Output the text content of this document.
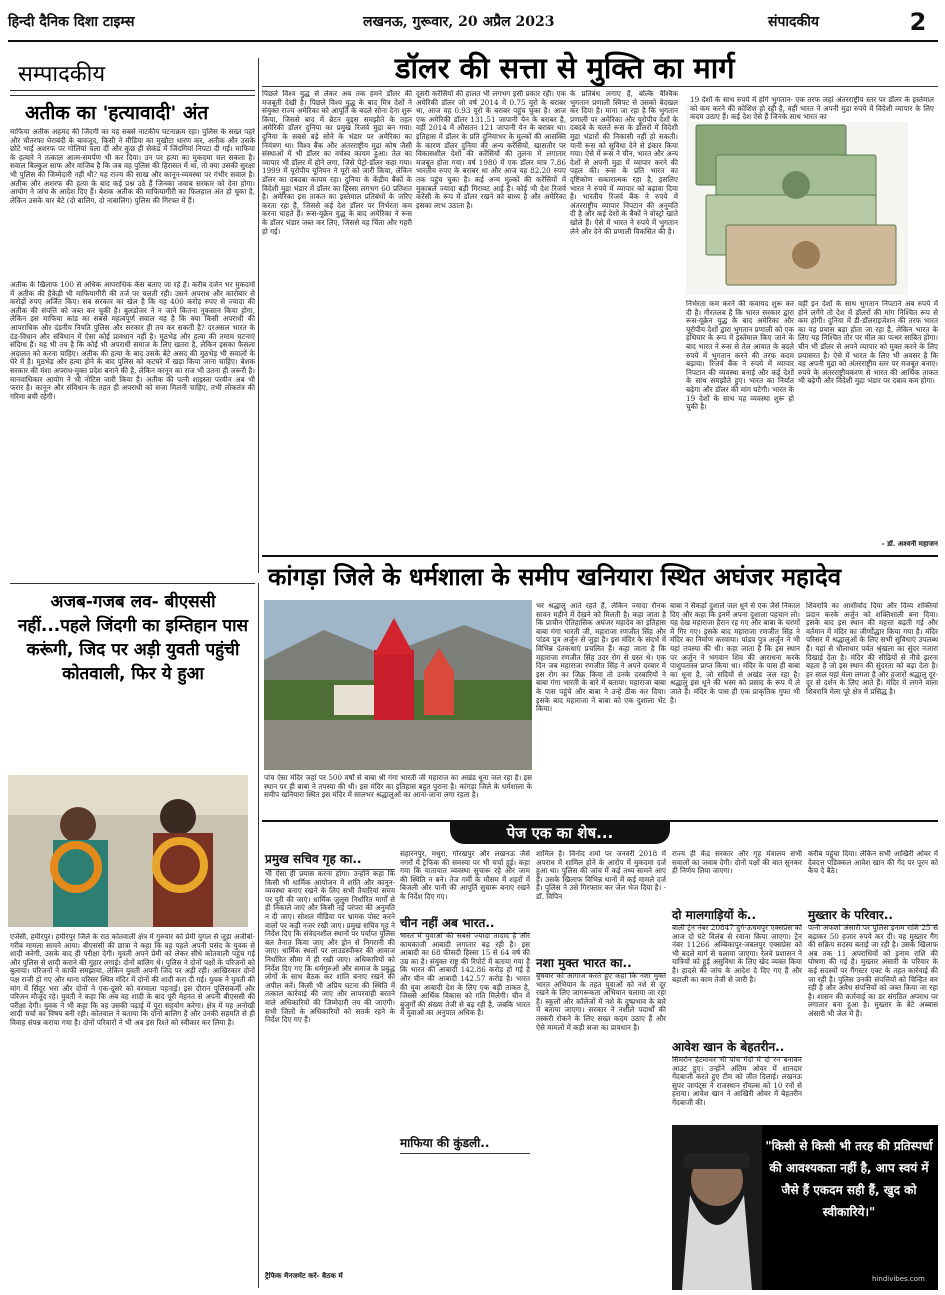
हिन्दी दैनिक दिशा टाइम्स	लखनऊ, गुरूवार, 20 अप्रैल 2023	संपादकीय	2
सम्पादकीय
अतीक का 'हत्यावादी' अंत
माफिया अतीक अहमद की जिंदगी का यह सबसे नाटकीय घटनाक्रम रहा। पुलिस के सख्त पहरे और चौतरफा घेराबंदी के बावजूद, किसी ने मीडिया का मुखौटा धारण कर, अतीक और उसके छोटे भाई अशरफ पर गोलियां चला दीं और कुछ ही सेकंड में जिंदगियां निपटा दी गईं। माफिया के हत्यारे ने तत्काल आत्म-समर्पण भी कर दिया। उन पर हत्या का मुकदमा चल सकता है। सवाल बिल्कुल साफ और वाजिब है कि जब वह पुलिस की हिरासत में था, तो क्या उसकी सुरक्षा भी पुलिस की जिम्मेदारी नहीं थी? यह राज्य की साख और कानून-व्यवस्था पर गंभीर सवाल है। अतीक और अशरफ की हत्या के बाद कई प्रश्न उठे हैं जिनका जवाब सरकार को देना होगा। आयोग ने जांच के आदेश दिए हैं। बेशक अतीक की माफियागीरी का फिलहाल अंत हो चुका है, लेकिन उसके चार बेटे (दो बालिग, दो नाबालिग) पुलिस की गिरफ्त में हैं।
अतीक के खिलाफ 100 से अधिक आपराधिक केस बताए जा रहे हैं। करीब दर्जन भर मुकदमों में अतीक की हैकेड़ी भी माफियागीरी की तर्ज पर चलती रही। उसने अपराध और कारोबार से करोड़ों रुपए अर्जित किए। सब सरकार का खेल है कि यह 400 करोड़ रुपए से ज्यादा की अतीक की संपत्ति को जब्त कर चुकी है। बुलडोजर ने न जाने कितना नुकसान किया होगा, लेकिन इस माफिया कांड का सबसे महत्वपूर्ण सवाल यह है कि क्या किसी अपराधी की आपराधिक और दंडनीय नियति पुलिस और सरकार ही तय कर सकती है? दरअसल भारत के दंड-विधान और संविधान में ऐसा कोई प्रावधान नहीं है। मुठभेड़ और हत्या की तमाम घटनाएं संदिग्ध हैं। यह भी तय है कि कोई भी अपराधी समाज के लिए खतरा है, लेकिन इसका फैसला अदालत को करना चाहिए। अतीक की हत्या के बाद उसके बेटे असद की मुठभेड़ भी सवालों के घेरे में है। मुठभेड़ और हत्या होने के बाद पुलिस को कटघरे में खड़ा किया जाना चाहिए। बेशक सरकार की मंशा अपराध-मुक्त प्रदेश बनाने की है, लेकिन कानून का राज भी उतना ही जरूरी है। मानवाधिकार आयोग ने भी नोटिस जारी किया है। अतीक की पत्नी शाइस्ता परवीन अब भी फरार है। कानून और संविधान के तहत ही अपराधी को सजा मिलनी चाहिए, तभी लोकतंत्र की गरिमा बची रहेगी।
अजब-गजब लव- बीएससी नहीं...पहले जिंदगी का इम्तिहान पास करूंगी, जिद पर अड़ी युवती पहुंची कोतवाली, फिर ये हुआ
एजेंसी, हमीरपुर। हमीरपुर जिले के राठ कोतवाली क्षेत्र में गुरुवार को प्रेमी युगल से जुड़ा अजीबो-गरीब मामला सामने आया। बीएससी की छात्रा ने कहा कि वह पहले अपनी पसंद के युवक से शादी करेगी, उसके बाद ही परीक्षा देगी। युवती अपने प्रेमी को लेकर सीधे कोतवाली पहुंच गई और पुलिस से शादी कराने की गुहार लगाई। दोनों बालिग थे। पुलिस ने दोनों पक्षों के परिजनों को बुलाया। परिजनों ने काफी समझाया, लेकिन युवती अपनी जिद पर अड़ी रही। आखिरकार दोनों पक्ष राजी हो गए और थाना परिसर स्थित मंदिर में दोनों की शादी करा दी गई। युवक ने युवती की मांग में सिंदूर भरा और दोनों ने एक-दूसरे को वरमाला पहनाई। इस दौरान पुलिसकर्मी और परिजन मौजूद रहे। युवती ने कहा कि अब वह शादी के बाद पूरी मेहनत से अपनी बीएससी की परीक्षा देगी। युवक ने भी कहा कि वह उसकी पढ़ाई में पूरा सहयोग करेगा। क्षेत्र में यह अनोखी शादी चर्चा का विषय बनी रही। कोतवाल ने बताया कि दोनों बालिग हैं और उनकी सहमति से ही विवाह संपन्न कराया गया है। दोनों परिवारों ने भी अब इस रिश्ते को स्वीकार कर लिया है।
डॉलर की सत्ता से मुक्ति का मार्ग
पिछले विश्व युद्ध से लेकर अब तक हमने डॉलर की मजबूती देखी है। पिछले विश्व युद्ध के बाद मित्र देशों ने संयुक्त राज्य अमेरिका को आपूर्ति के बदले सोना देना शुरू किया, जिससे बाद में ब्रेटन वुड्स समझौते के तहत अमेरिकी डॉलर दुनिया का प्रमुख रिजर्व मुद्रा बन गया। दुनिया के सबसे बड़े सोने के भंडार पर अमेरिका का नियंत्रण था। विश्व बैंक और अंतरराष्ट्रीय मुद्रा कोष जैसी संस्थाओं में भी डॉलर का वर्चस्व कायम हुआ। तेल का व्यापार भी डॉलर में होने लगा, जिसे पेट्रो-डॉलर कहा गया। 1999 में यूरोपीय यूनियन ने यूरो को जारी किया, लेकिन डॉलर का दबदबा कायम रहा। दुनिया के केंद्रीय बैंकों के विदेशी मुद्रा भंडार में डॉलर का हिस्सा लगभग 60 प्रतिशत है। अमेरिका इस ताकत का इस्तेमाल प्रतिबंधों के जरिए करता रहा है, जिससे कई देश डॉलर पर निर्भरता कम करना चाहते हैं। रूस-यूक्रेन युद्ध के बाद अमेरिका ने रूस के डॉलर भंडार जब्त कर लिए, जिससे यह चिंता और गहरी हो गई।
दूसरी करेंसियों की हालत भी लगभग इसी प्रकार रही। एक अमेरिकी डॉलर जो वर्ष 2014 में 0.75 यूरो के बराबर था, आज वह 0.93 यूरो के बराबर पहुंच चुका है। आज एक अमेरिकी डॉलर 131.51 जापानी येन के बराबर है, वहीं 2014 में औसतन 121 जापानी येन के बराबर था। इतिहास में डॉलर के प्रति दुनियाभर के मुल्कों की आसक्ति के कारण डॉलर दुनिया की अन्य करेंसियों, खासतौर पर विकासशील देशों की करेंसियों की तुलना में लगातार मजबूत होता गया। वर्ष 1980 में एक डॉलर मात्र 7.86 भारतीय रुपए के बराबर था और आज वह 82.20 रुपए तक पहुंच चुका है। कई अन्य मुल्कों की करेंसियों में मुकाबले ज्यादा बड़ी गिरावट आई है। कोई भी देश रिजर्व करेंसी के रूप में डॉलर रखने को बाध्य है और अमेरिका इसका लाभ उठाता है।
के प्रतिबंध लगाए हैं, बल्कि वैश्विक भुगतान प्रणाली स्विफ्ट से उसको बेदखल कर दिया है। माना जा रहा है कि भुगतान प्रणाली पर अमेरिका और यूरोपीय देशों के दबदबे के चलते रूस के डॉलरों में विदेशी मुद्रा भंडारों की निकासी नहीं हो सकती। यानी रूस को सुविधा देने से इंकार किया गया। ऐसे में रूस ने चीन, भारत और अन्य देशों से अपनी मुद्रा में व्यापार करने की पहल की। रूस के प्रति भारत का दृष्टिकोण सकारात्मक रहा है, इसलिए भारत ने रुपये में व्यापार को बढ़ावा दिया है। भारतीय रिजर्व बैंक ने रुपये में अंतरराष्ट्रीय व्यापार निपटान की अनुमति दी है और कई देशों के बैंकों ने वोस्ट्रो खाते खोले हैं। ऐसे में भारत ने रुपये में भुगतान लेने और देने की प्रणाली विकसित की है।
19 देशों के साथ रुपये में होंगे भुगतान- एक तरफ जहां अंतरराष्ट्रीय स्तर पर डॉलर के इस्तेमाल को कम करने की कोशिश हो रही है, वहीं भारत ने अपनी मुद्रा रुपये में विदेशी व्यापार के लिए कदम उठाए हैं। कई देश ऐसे हैं जिनके साथ भारत का
निर्भरता कम करने की कवायद शुरू कर दी है। गौरतलब है कि भारत सरकार द्वारा रूस-यूक्रेन युद्ध के बाद अमेरिका और यूरोपीय देशों द्वारा भुगतान प्रणाली को एक हथियार के रूप में इस्तेमाल किए जाने के बाद भारत ने रूस से तेल आयात के बदले रुपये में भुगतान करने की तरफ कदम बढ़ाया। रिजर्व बैंक ने रुपये में व्यापार निपटान की व्यवस्था बनाई और कई देशों के साथ समझौते हुए। भारत का निर्यात बढ़ेगा और डॉलर की मांग घटेगी। भारत के 19 देशों के साथ यह व्यवस्था शुरू हो चुकी है।
वहीं इन देशों के साथ भुगतान निपटाने अब रुपये में होने लगेंगे तो देश में डॉलरों की मांग निश्चित रूप से कम होगी। दुनिया में डी-डॉलराइजेशन की तरफ भारत का यह प्रयास बड़ा होता जा रहा है, लेकिन भारत के लिए यह निश्चित तौर पर मील का पत्थर साबित होगा। चीन भी डॉलर से अपने व्यापार को मुक्त करने के लिए प्रयासरत है। ऐसे में भारत के लिए भी अवसर है कि वह अपनी मुद्रा को अंतरराष्ट्रीय स्तर पर मजबूत बनाए। रुपये के अंतरराष्ट्रीयकरण से भारत की आर्थिक ताकत भी बढ़ेगी और विदेशी मुद्रा भंडार पर दबाव कम होगा।
- डॉ. अश्वनी महाजन
कांगड़ा जिले के धर्मशाला के समीप खनियारा स्थित अघंजर महादेव
पांच ऐसा मंदिर जहां पर 500 वर्षों से बाबा श्री गंगा भारती जी महाराज का अखंड धूना जल रहा है। इस स्थान पर ही बाबा ने तपस्या की थी। इस मंदिर का इतिहास बहुत पुराना है। कांगड़ा जिले के धर्मशाला के समीप खनियारा स्थित इस मंदिर में सालभर श्रद्धालुओं का आना-जाना लगा रहता है।
भर श्रद्धालु आते रहते हैं, लेकिन ज्यादा रौनक सावन महीने में देखने को मिलती है। कहा जाता है कि प्राचीन ऐतिहासिक अघंजर महादेव का इतिहास बाबा गंगा भारती जी, महाराजा रणजीत सिंह और पांडव पुत्र अर्जुन से जुड़ा है। इस मंदिर के संदर्भ में विभिन्न दंतकथाएं प्रचलित हैं। कहा जाता है कि महाराजा रणजीत सिंह उदर रोग से ग्रस्त थे। एक दिन जब महाराजा रणजीत सिंह ने अपने दरबार में इस रोग का जिक्र किया तो उनके दरबारियों ने बाबा गंगा भारती के बारे में बताया। महाराजा बाबा के पास पहुंचे और बाबा ने उन्हें ठीक कर दिया। इसके बाद महाराजा ने बाबा को एक दुशाला भेंट किया।
बाबा ने सैकड़ों दुशाले जल धूने से एक जैसे निकाल दिए और कहा कि इनमें अपना दुशाला पहचान लो। यह देख महाराजा हैरान रह गए और बाबा के चरणों में गिर गए। इसके बाद महाराजा रणजीत सिंह ने मंदिर का निर्माण करवाया। पांडव पुत्र अर्जुन ने भी यहां तपस्या की थी। कहा जाता है कि इस स्थान पर अर्जुन ने भगवान शिव की आराधना करके पाशुपतास्त्र प्राप्त किया था। मंदिर के पास ही बाबा का धूना है, जो सदियों से अखंड जल रहा है। श्रद्धालु इस धूने की भस्म को प्रसाद के रूप में ले जाते हैं। मंदिर के पास ही एक प्राकृतिक गुफा भी है।
शिवरात्रि का आशीर्वाद दिया और दिव्य शक्तियां प्रदान करके अर्जुन को शक्तिशाली बना दिया। इसके बाद इस स्थान की महत्ता बढ़ती गई और वर्तमान में मंदिर का जीर्णोद्धार किया गया है। मंदिर परिसर में श्रद्धालुओं के लिए सभी सुविधाएं उपलब्ध हैं। यहां से धौलाधार पर्वत श्रृंखला का सुंदर नजारा दिखाई देता है। मंदिर की सीढ़ियों से नीचे झरना बहता है जो इस स्थान की सुंदरता को बढ़ा देता है। हर साल यहां मेला लगता है और हजारों श्रद्धालु दूर-दूर से दर्शन के लिए आते हैं। मंदिर में लगने वाला शिवरात्रि मेला पूरे क्षेत्र में प्रसिद्ध है।
पेज एक का शेष...
प्रमुख सचिव गृह का..
भी ऐसा ही प्रयास करना होगा। उन्होंने कहा कि किसी भी धार्मिक आयोजन में शांति और कानून-व्यवस्था बनाए रखने के लिए सभी तैयारियां समय पर पूरी की जाएं। धार्मिक जुलूस निर्धारित मार्गों से ही निकाले जाएं और किसी नई परंपरा की अनुमति न दी जाए। सोशल मीडिया पर भ्रामक पोस्ट करने वालों पर कड़ी नजर रखी जाए। प्रमुख सचिव गृह ने निर्देश दिए कि संवेदनशील स्थानों पर पर्याप्त पुलिस बल तैनात किया जाए और ड्रोन से निगरानी की जाए। धार्मिक स्थलों पर लाउडस्पीकर की आवाज निर्धारित सीमा में ही रखी जाए। अधिकारियों को निर्देश दिए गए कि धर्मगुरुओं और समाज के प्रबुद्ध लोगों के साथ बैठक कर शांति बनाए रखने की अपील करें। किसी भी अप्रिय घटना की स्थिति में तत्काल कार्रवाई की जाए और लापरवाही बरतने वाले अधिकारियों की जिम्मेदारी तय की जाएगी। सभी जिलों के अधिकारियों को सतर्क रहने के निर्देश दिए गए हैं।
ट्रैफिक मैनजमेंट करें- बैठक में
सहारनपुर, मथुरा, गोरखपुर और लखनऊ जैसे नगरों में ट्रैफिक की समस्या पर भी चर्चा हुई। कहा गया कि यातायात व्यवस्था सुचारू रहे और जाम की स्थिति न बने। तेज गर्मी के मौसम में शहरों में बिजली और पानी की आपूर्ति सुचारू बनाए रखने के निर्देश दिए गए।
चीन नहीं अब भारत..
भारत में युवाओं की सबसे ज्यादा तादाद है और कामकाजी आबादी लगातार बढ़ रही है। इस आबादी का 68 फीसदी हिस्सा 15 से 64 वर्ष की उम्र का है। संयुक्त राष्ट्र की रिपोर्ट में बताया गया है कि भारत की आबादी 142.86 करोड़ हो गई है और चीन की आबादी 142.57 करोड़ है। भारत की युवा आबादी देश के लिए एक बड़ी ताकत है, जिससे आर्थिक विकास को गति मिलेगी। चीन में बुजुर्गों की संख्या तेजी से बढ़ रही है, जबकि भारत में युवाओं का अनुपात अधिक है।
माफिया की कुंडली..
शामिल है। विनोद शर्मा पर जनवरी 2018 में अपराध में शामिल होने के आरोप में मुकदमा दर्ज हुआ था। पुलिस की जांच में कई तथ्य सामने आए हैं। उसके खिलाफ विभिन्न थानों में कई मामले दर्ज हैं। पुलिस ने उसे गिरफ्तार कर जेल भेज दिया है। - डॉ. विपिन
नशा मुक्त भारत का..
बुधवार को आगाज करते हुए कहा कि नशा मुक्त भारत अभियान के तहत युवाओं को नशे से दूर रखने के लिए जागरूकता अभियान चलाया जा रहा है। स्कूलों और कॉलेजों में नशे के दुष्प्रभाव के बारे में बताया जाएगा। सरकार ने नशीले पदार्थों की तस्करी रोकने के लिए सख्त कदम उठाए हैं और ऐसे मामलों में कड़ी सजा का प्रावधान है।
राज्य ही केंद्र सरकार और गृह मंत्रालय सभी सवालों का जवाब देगी। दोनों पक्षों की बात सुनकर ही निर्णय लिया जाएगा।
दो मालगाड़ियों के..
बाली ट्रेन नंबर 20847 दुर्ग-ऊधमपुर एक्सप्रेस को आज दो घंटे विलंब से रवाना किया जाएगा। ट्रेन नंबर 11266 अम्बिकापुर-जबलपुर एक्सप्रेस को भी बदले मार्ग से चलाया जाएगा। रेलवे प्रशासन ने यात्रियों को हुई असुविधा के लिए खेद व्यक्त किया है। हादसे की जांच के आदेश दे दिए गए हैं और बहाली का काम तेजी से जारी है।
आवेश खान के बेहतरीन..
सिमरोन हेटमायर भी पांच गेंदों में दो रन बनाकर आउट हुए। उन्होंने अंतिम ओवर में शानदार गेंदबाजी करते हुए टीम को जीत दिलाई। लखनऊ सुपर जायंट्स ने राजस्थान रॉयल्स को 10 रनों से हराया। आवेश खान ने आखिरी ओवर में बेहतरीन गेंदबाजी की।
करीब पहुंचा दिया। लेकिन सभी आखिरी ओवर में देवदत्त पडिक्कल आवेश खान की गेंद पर पूरन को कैच दे बैठे।
मुख्तार के परिवार..
पत्नी अफशां अंसारी पर पुलिस इनाम राशि 25 से बढ़ाकर 50 हजार रुपये कर दी। वह मुख्तार गैंग की सक्रिय सदस्य बताई जा रही है। उसके खिलाफ अब तक 11 अपराधियों को इनाम राशि की घोषणा की गई है। मुख्तार अंसारी के परिवार के कई सदस्यों पर गैंगस्टर एक्ट के तहत कार्रवाई की जा रही है। पुलिस उनकी संपत्तियों को चिन्हित कर रही है और अवैध संपत्तियों को जब्त किया जा रहा है। शासन की कार्रवाई का डर संगठित अपराध पर लगातार बना हुआ है। मुख्तार के बेटे अब्बास अंसारी भी जेल में हैं।
"किसी से किसी भी तरह की प्रतिस्पर्धा की आवश्यकता नहीं है, आप स्वयं में जैसे हैं एकदम सही हैं, खुद को स्वीकारिये।"
hindivibes.com
